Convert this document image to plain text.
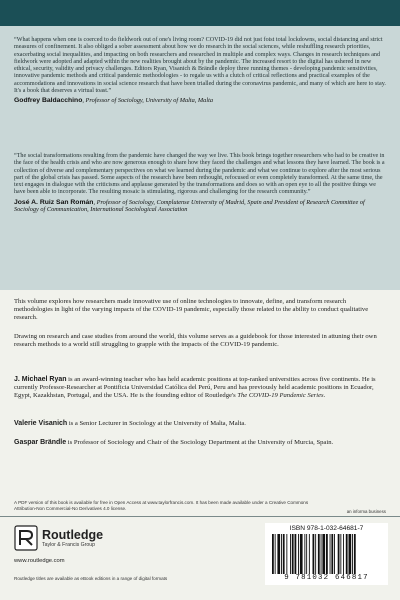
“What happens when one is coerced to do fieldwork out of one's living room? COVID-19 did not just foist total lockdowns, social distancing and strict measures of confinement. It also obliged a sober assessment about how we do research in the social sciences, while reshuffling research priorities, exacerbating social inequalities, and impacting on both researchers and researched in multiple and complex ways. Changes in research techniques and fieldwork were adopted and adapted within the new realities brought about by the pandemic. The increased resort to the digital has ushered in new ethical, security, validity and privacy challenges. Editors Ryan, Visanich & Brändle deploy three running themes - developing pandemic sensitivities, innovative pandemic methods and critical pandemic methodologies - to regale us with a clutch of critical reflections and practical examples of the accommodations and innovations in social science research that have been trialled during the coronavirus pandemic, and many of which are here to stay. It's a book that deserves a virtual toast.”

Godfrey Baldacchino, Professor of Sociology, University of Malta, Malta

“The social transformations resulting from the pandemic have changed the way we live. This book brings together researchers who had to be creative in the face of the health crisis and who are now generous enough to share how they faced the challenges and what lessons they have learned. The book is a collection of diverse and complementary perspectives on what we learned during the pandemic and what we continue to explore after the most serious part of the global crisis has passed. Some aspects of the research have been rethought, refocused or even completely transformed. At the same time, the text engages in dialogue with the criticisms and applause generated by the transformations and does so with an open eye to all the positive things we have been able to incorporate. The resulting mosaic is stimulating, rigorous and challenging for the research community.”

José A. Ruiz San Román, Professor of Sociology, Complutense University of Madrid, Spain and President of Research Committee of Sociology of Communication, International Sociological Association

This volume explores how researchers made innovative use of online technologies to innovate, define, and transform research methodologies in light of the varying impacts of the COVID-19 pandemic, especially those related to the ability to conduct qualitative research.

Drawing on research and case studies from around the world, this volume serves as a guidebook for those interested in attuning their own research methods to a world still struggling to grapple with the impacts of the COVID-19 pandemic.

J. Michael Ryan is an award-winning teacher who has held academic positions at top-ranked universities across five continents. He is currently Professor-Researcher at Pontificia Universidad Católica del Perú, Peru and has previously held academic positions in Ecuador, Egypt, Kazakhstan, Portugal, and the USA. He is the founding editor of Routledge's The COVID-19 Pandemic Series.
Valerie Visanich is a Senior Lecturer in Sociology at the University of Malta, Malta.
Gaspar Brändle is Professor of Sociology and Chair of the Sociology Department at the University of Murcia, Spain.
A PDF version of this book is available for free in Open Access at www.taylorfrancis.com. It has been made available under a Creative Commons Attribution-Non Commercial-No Derivatives 4.0 license.
an informa business
Routledge
Taylor & Francis Group
www.routledge.com
Routledge titles are available as eBook editions in a range of digital formats
ISBN 978-1-032-64681-7
9 781032 646817
